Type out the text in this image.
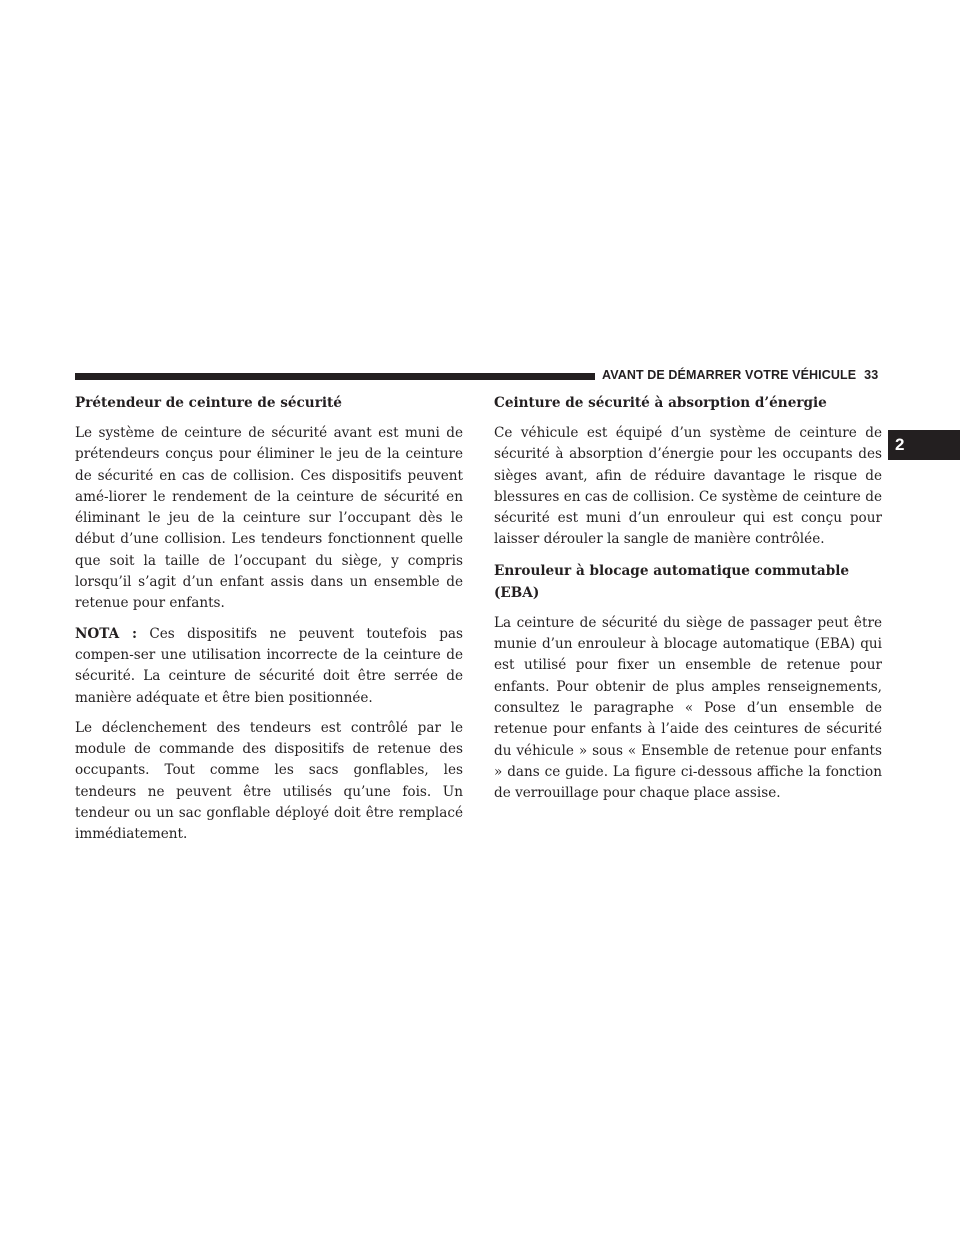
AVANT DE DÉMARRER VOTRE VÉHICULE 33
2
Prétendeur de ceinture de sécurité

Le système de ceinture de sécurité avant est muni de prétendeurs conçus pour éliminer le jeu de la ceinture de sécurité en cas de collision. Ces dispositifs peuvent amé-liorer le rendement de la ceinture de sécurité en éliminant le jeu de la ceinture sur l’occupant dès le début d’une collision. Les tendeurs fonctionnent quelle que soit la taille de l’occupant du siège, y compris lorsqu’il s’agit d’un enfant assis dans un ensemble de retenue pour enfants.

NOTA : Ces dispositifs ne peuvent toutefois pas compen-ser une utilisation incorrecte de la ceinture de sécurité. La ceinture de sécurité doit être serrée de manière adéquate et être bien positionnée.

Le déclenchement des tendeurs est contrôlé par le module de commande des dispositifs de retenue des occupants. Tout comme les sacs gonflables, les tendeurs ne peuvent être utilisés qu’une fois. Un tendeur ou un sac gonflable déployé doit être remplacé immédiatement.

Ceinture de sécurité à absorption d’énergie

Ce véhicule est équipé d’un système de ceinture de sécurité à absorption d’énergie pour les occupants des sièges avant, afin de réduire davantage le risque de blessures en cas de collision. Ce système de ceinture de sécurité est muni d’un enrouleur qui est conçu pour laisser dérouler la sangle de manière contrôlée.

Enrouleur à blocage automatique commutable (EBA)

La ceinture de sécurité du siège de passager peut être munie d’un enrouleur à blocage automatique (EBA) qui est utilisé pour fixer un ensemble de retenue pour enfants. Pour obtenir de plus amples renseignements, consultez le paragraphe « Pose d’un ensemble de retenue pour enfants à l’aide des ceintures de sécurité du véhicule » sous « Ensemble de retenue pour enfants » dans ce guide. La figure ci-dessous affiche la fonction de verrouillage pour chaque place assise.
